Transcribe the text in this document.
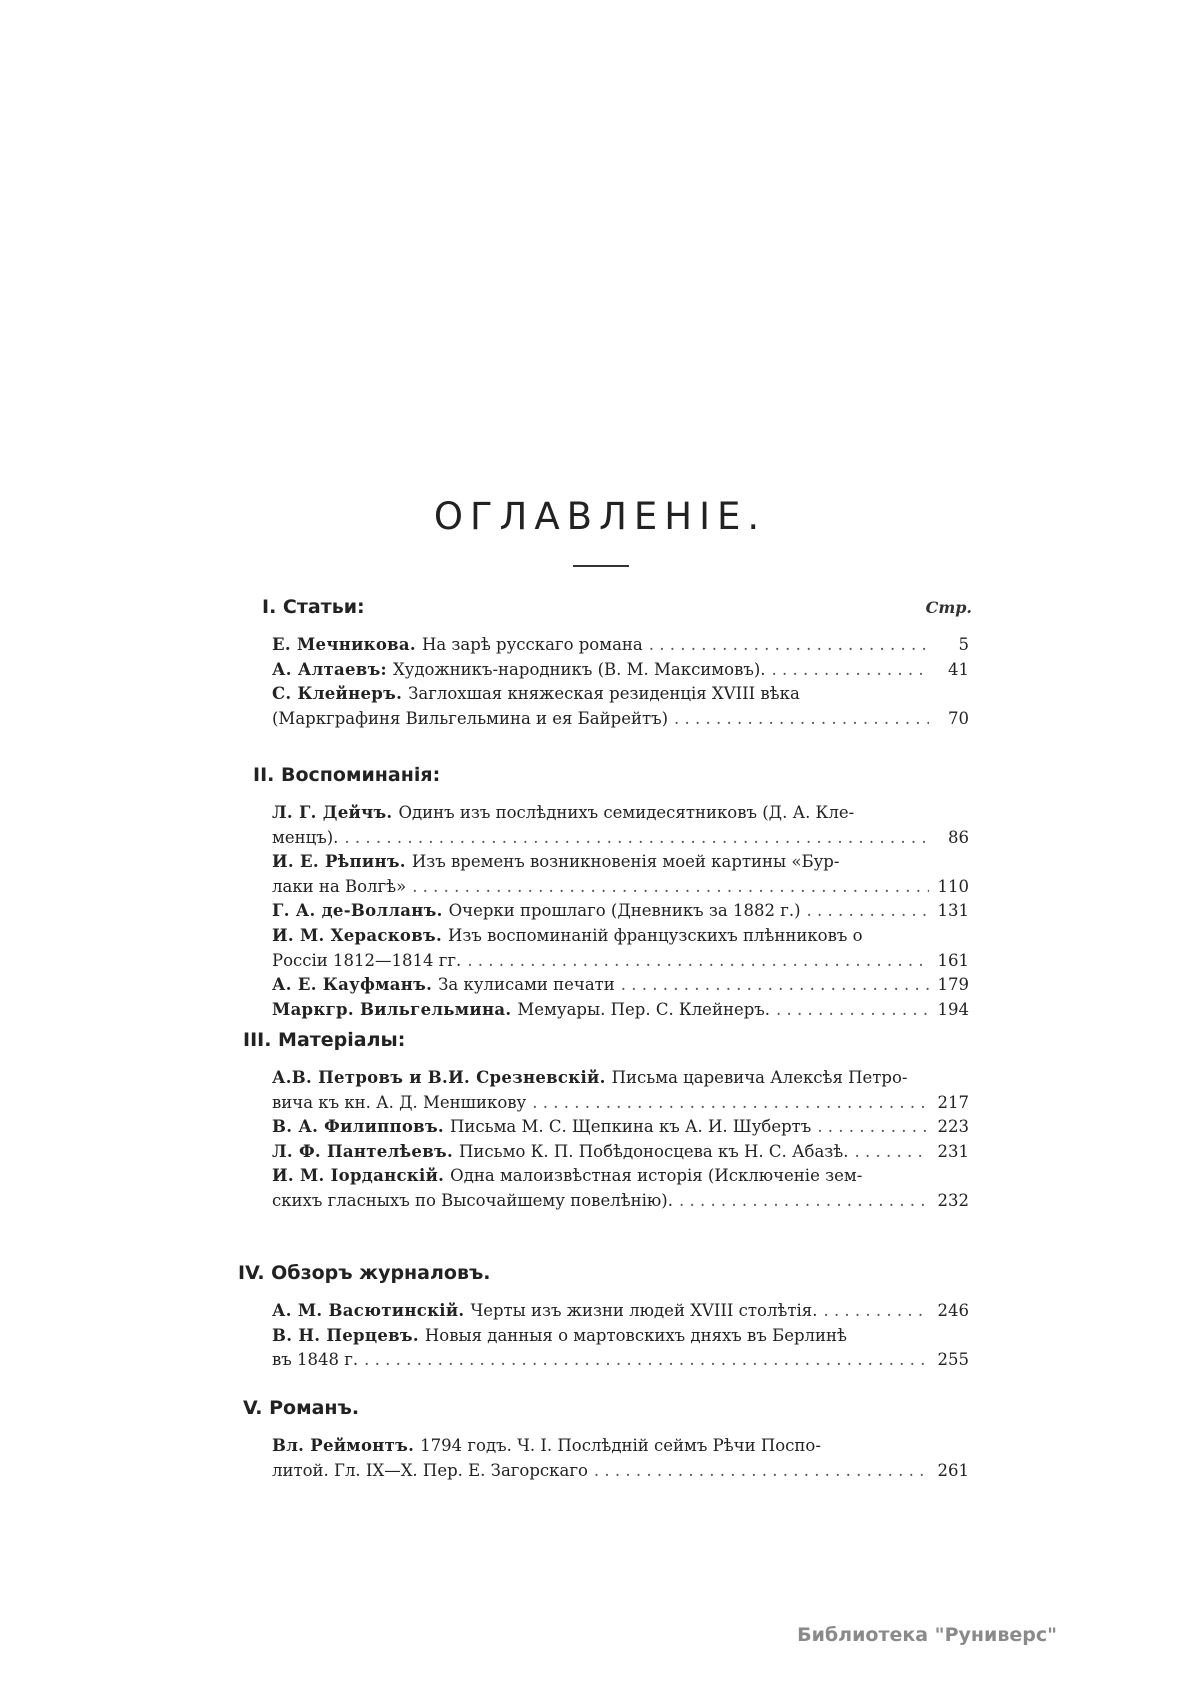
ОГЛАВЛЕНІЕ.
Стр.
I. Статьи:
Е. Мечникова. На зарѣ русскаго романа . . .	5
А. Алтаевъ: Художникъ-народникъ (В. М. Максимовъ). . . .	41
С. Клейнеръ. Заглохшая княжеская резиденція XVIII вѣка
(Маркграфиня Вильгельмина и ея Байрейтъ) . . .	70
II. Воспоминанія:
Л. Г. Дейчъ. Одинъ изъ послѣднихъ семидесятниковъ (Д. А. Кле-
менцъ). . . .	86
И. Е. Рѣпинъ. Изъ временъ возникновенія моей картины «Бур-
лаки на Волгѣ» . . .	110
Г. А. де-Волланъ. Очерки прошлаго (Дневникъ за 1882 г.) . . .	131
И. М. Херасковъ. Изъ воспоминаній французскихъ плѣнниковъ о
Россіи 1812—1814 гг. . . .	161
А. Е. Кауфманъ. За кулисами печати . . .	179
Маркгр. Вильгельмина. Мемуары. Пер. С. Клейнеръ. . . .	194
III. Матеріалы:
А.В. Петровъ и В.И. Срезневскій. Письма царевича Алексѣя Петро-
вича къ кн. А. Д. Меншикову . . .	217
В. А. Филипповъ. Письма М. С. Щепкина къ А. И. Шубертъ . . .	223
Л. Ф. Пантелѣевъ. Письмо К. П. Побѣдоносцева къ Н. С. Абазѣ. . . .	231
И. М. Іорданскій. Одна малоизвѣстная исторія (Исключеніе зем-
скихъ гласныхъ по Высочайшему повелѣнію). . . .	232
IV. Обзоръ журналовъ.
А. М. Васютинскій. Черты изъ жизни людей XVIII столѣтія. . . .	246
В. Н. Перцевъ. Новыя данныя о мартовскихъ дняхъ въ Берлинѣ
въ 1848 г. . . .	255
V. Романъ.
Вл. Реймонтъ. 1794 годъ. Ч. I. Послѣдній сеймъ Рѣчи Поспо-
литой. Гл. IX—X. Пер. Е. Загорскаго . . .	261
Библиотека "Руниверс"
